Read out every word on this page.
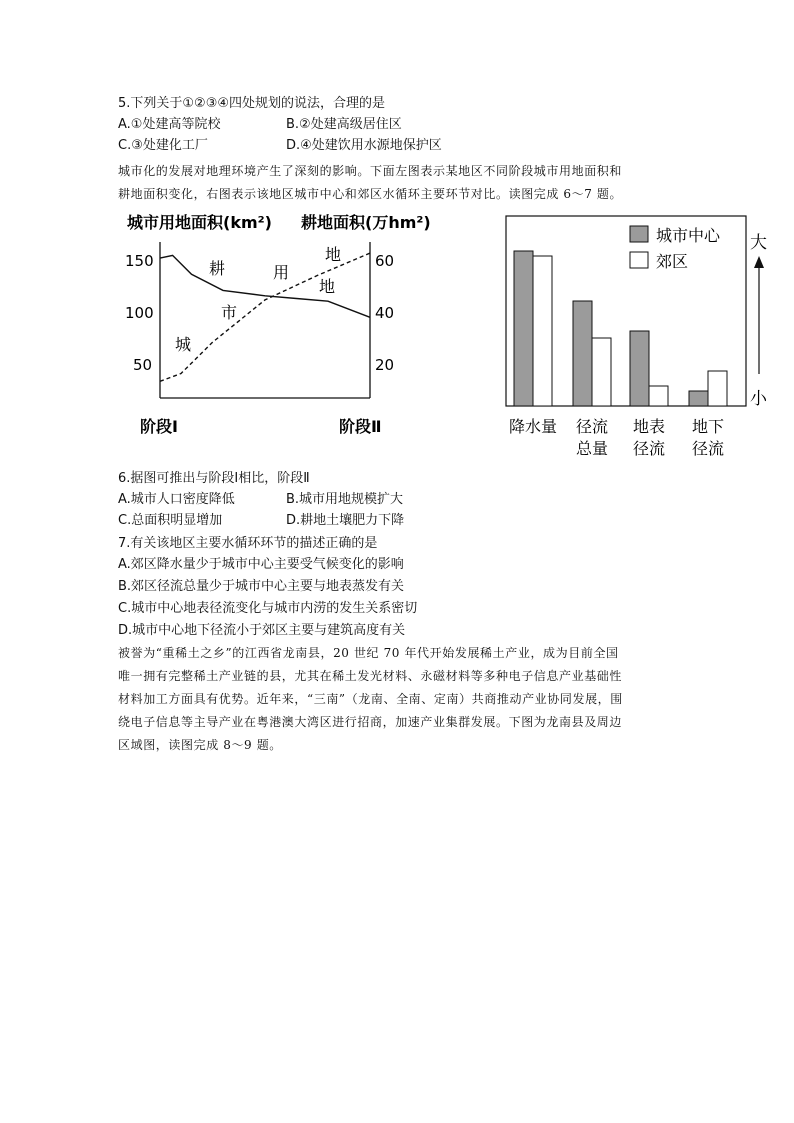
5.下列关于①②③④四处规划的说法，合理的是
A.①处建高等院校	B.②处建高级居住区
C.③处建化工厂	D.④处建饮用水源地保护区
城市化的发展对地理环境产生了深刻的影响。下面左图表示某地区不同阶段城市用地面积和
耕地面积变化，右图表示该地区城市中心和郊区水循环主要环节对比。读图完成 6～7 题。
城市用地面积(km²) 耕地面积(万hm²)
150
100
50
60
40
20
耕	用
地
地
市
城
阶段Ⅰ	阶段Ⅱ
城市中心
郊区
大
小
降水量 径流
总量
地表
径流
地下
径流
6.据图可推出与阶段Ⅰ相比，阶段Ⅱ
A.城市人口密度降低	B.城市用地规模扩大
C.总面积明显增加	D.耕地土壤肥力下降
7.有关该地区主要水循环环节的描述正确的是
A.郊区降水量少于城市中心主要受气候变化的影响
B.郊区径流总量少于城市中心主要与地表蒸发有关
C.城市中心地表径流变化与城市内涝的发生关系密切
D.城市中心地下径流小于郊区主要与建筑高度有关
被誉为“重稀土之乡”的江西省龙南县，20 世纪 70 年代开始发展稀土产业，成为目前全国
唯一拥有完整稀土产业链的县，尤其在稀土发光材料、永磁材料等多种电子信息产业基础性
材料加工方面具有优势。近年来，“三南”（龙南、全南、定南）共商推动产业协同发展，围
绕电子信息等主导产业在粤港澳大湾区进行招商，加速产业集群发展。下图为龙南县及周边
区域图，读图完成 8～9 题。
